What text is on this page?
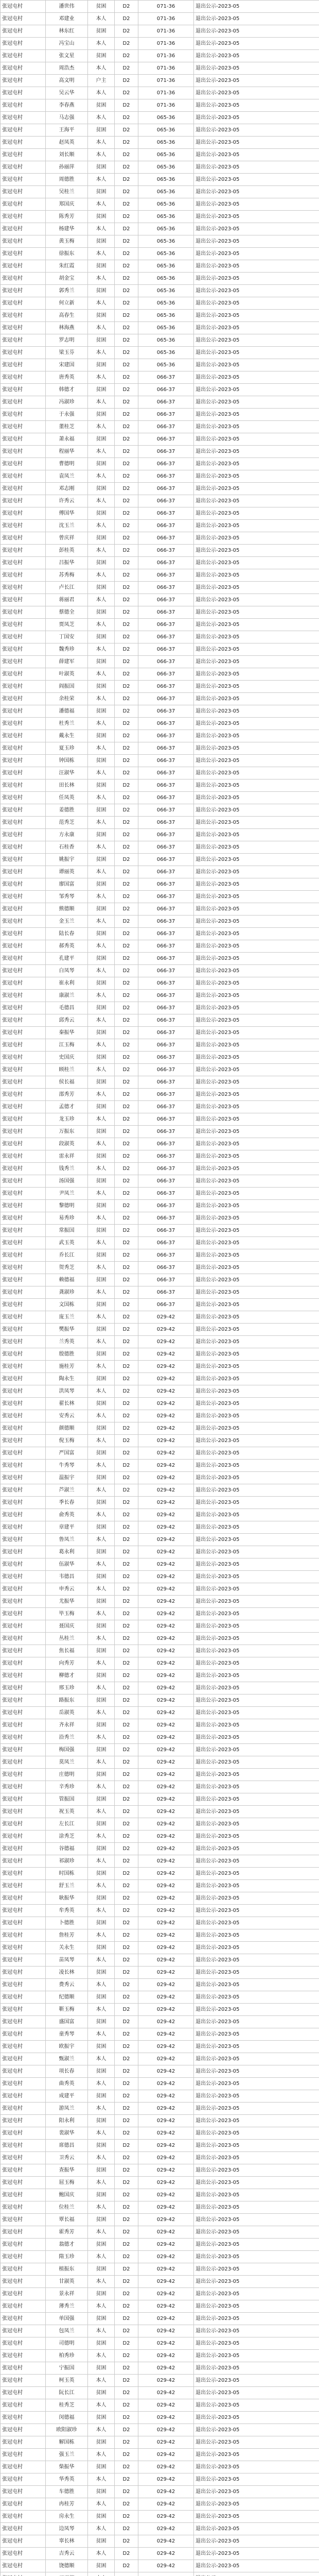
张冠屯村	潘世伟	贫困	D2	071-36	退出公示-2023-05
张冠屯村	邓建业	本人	D2	071-36	退出公示-2023-05
张冠屯村	林东红	贫困	D2	071-36	退出公示-2023-05
张冠屯村	冯宝山	本人	D2	071-36	退出公示-2023-05
张冠屯村	张文星	贫困	D2	071-36	退出公示-2023-05
张冠屯村	周浩杰	本人	D2	071-36	退出公示-2023-05
张冠屯村	高文明	户主	D2	071-36	退出公示-2023-05
张冠屯村	吴云华	本人	D2	071-36	退出公示-2023-05
张冠屯村	李春燕	贫困	D2	071-36	退出公示-2023-05
张冠屯村	马志强	本人	D2	065-36	退出公示-2023-05
张冠屯村	王海平	贫困	D2	065-36	退出公示-2023-05
张冠屯村	赵凤英	本人	D2	065-36	退出公示-2023-05
张冠屯村	刘长顺	本人	D2	065-36	退出公示-2023-05
张冠屯村	孙丽萍	贫困	D2	065-36	退出公示-2023-05
张冠屯村	周德胜	本人	D2	065-36	退出公示-2023-05
张冠屯村	吴桂兰	贫困	D2	065-36	退出公示-2023-05
张冠屯村	郑国庆	本人	D2	065-36	退出公示-2023-05
张冠屯村	陈秀芳	贫困	D2	065-36	退出公示-2023-05
张冠屯村	杨建华	本人	D2	065-36	退出公示-2023-05
张冠屯村	黄玉梅	贫困	D2	065-36	退出公示-2023-05
张冠屯村	徐振东	本人	D2	065-36	退出公示-2023-05
张冠屯村	朱红霞	贫困	D2	065-36	退出公示-2023-05
张冠屯村	胡金宝	本人	D2	065-36	退出公示-2023-05
张冠屯村	郭秀兰	贫困	D2	065-36	退出公示-2023-05
张冠屯村	何立新	本人	D2	065-36	退出公示-2023-05
张冠屯村	高春生	贫困	D2	065-36	退出公示-2023-05
张冠屯村	林海燕	本人	D2	065-36	退出公示-2023-05
张冠屯村	罗志明	贫困	D2	065-36	退出公示-2023-05
张冠屯村	梁玉芬	本人	D2	065-36	退出公示-2023-05
张冠屯村	宋建国	贫困	D2	065-36	退出公示-2023-05
张冠屯村	唐秀英	本人	D2	066-37	退出公示-2023-05
张冠屯村	韩德才	贫困	D2	066-37	退出公示-2023-05
张冠屯村	冯淑珍	本人	D2	066-37	退出公示-2023-05
张冠屯村	于永强	贫困	D2	066-37	退出公示-2023-05
张冠屯村	董桂芝	本人	D2	066-37	退出公示-2023-05
张冠屯村	萧永福	贫困	D2	066-37	退出公示-2023-05
张冠屯村	程丽华	本人	D2	066-37	退出公示-2023-05
张冠屯村	曹德明	贫困	D2	066-37	退出公示-2023-05
张冠屯村	袁凤兰	本人	D2	066-37	退出公示-2023-05
张冠屯村	邓志刚	贫困	D2	066-37	退出公示-2023-05
张冠屯村	许秀云	本人	D2	066-37	退出公示-2023-05
张冠屯村	傅国华	贫困	D2	066-37	退出公示-2023-05
张冠屯村	沈玉兰	本人	D2	066-37	退出公示-2023-05
张冠屯村	曾庆祥	贫困	D2	066-37	退出公示-2023-05
张冠屯村	彭桂英	本人	D2	066-37	退出公示-2023-05
张冠屯村	吕振华	贫困	D2	066-37	退出公示-2023-05
张冠屯村	苏秀梅	本人	D2	066-37	退出公示-2023-05
张冠屯村	卢长江	贫困	D2	066-37	退出公示-2023-05
张冠屯村	蒋丽君	本人	D2	066-37	退出公示-2023-05
张冠屯村	蔡德全	贫困	D2	066-37	退出公示-2023-05
张冠屯村	贾凤芝	本人	D2	066-37	退出公示-2023-05
张冠屯村	丁国安	贫困	D2	066-37	退出公示-2023-05
张冠屯村	魏秀珍	本人	D2	066-37	退出公示-2023-05
张冠屯村	薛建军	贫困	D2	066-37	退出公示-2023-05
张冠屯村	叶淑英	本人	D2	066-37	退出公示-2023-05
张冠屯村	阎振国	贫困	D2	066-37	退出公示-2023-05
张冠屯村	余桂荣	本人	D2	066-37	退出公示-2023-05
张冠屯村	潘德福	贫困	D2	066-37	退出公示-2023-05
张冠屯村	杜秀兰	本人	D2	066-37	退出公示-2023-05
张冠屯村	戴永生	贫困	D2	066-37	退出公示-2023-05
张冠屯村	夏玉珍	本人	D2	066-37	退出公示-2023-05
张冠屯村	钟国栋	贫困	D2	066-37	退出公示-2023-05
张冠屯村	汪淑华	本人	D2	066-37	退出公示-2023-05
张冠屯村	田长林	贫困	D2	066-37	退出公示-2023-05
张冠屯村	任凤英	本人	D2	066-37	退出公示-2023-05
张冠屯村	姜德胜	贫困	D2	066-37	退出公示-2023-05
张冠屯村	范秀芝	本人	D2	066-37	退出公示-2023-05
张冠屯村	方永康	贫困	D2	066-37	退出公示-2023-05
张冠屯村	石桂香	本人	D2	066-37	退出公示-2023-05
张冠屯村	姚振宇	贫困	D2	066-37	退出公示-2023-05
张冠屯村	谭丽英	本人	D2	066-37	退出公示-2023-05
张冠屯村	廖国富	贫困	D2	066-37	退出公示-2023-05
张冠屯村	邹秀琴	本人	D2	066-37	退出公示-2023-05
张冠屯村	熊德顺	贫困	D2	066-37	退出公示-2023-05
张冠屯村	金玉兰	本人	D2	066-37	退出公示-2023-05
张冠屯村	陆长春	贫困	D2	066-37	退出公示-2023-05
张冠屯村	郝秀英	本人	D2	066-37	退出公示-2023-05
张冠屯村	孔建平	贫困	D2	066-37	退出公示-2023-05
张冠屯村	白凤琴	本人	D2	066-37	退出公示-2023-05
张冠屯村	崔永利	贫困	D2	066-37	退出公示-2023-05
张冠屯村	康淑兰	本人	D2	066-37	退出公示-2023-05
张冠屯村	毛德昌	贫困	D2	066-37	退出公示-2023-05
张冠屯村	邱秀云	本人	D2	066-37	退出公示-2023-05
张冠屯村	秦振华	贫困	D2	066-37	退出公示-2023-05
张冠屯村	江玉梅	本人	D2	066-37	退出公示-2023-05
张冠屯村	史国庆	贫困	D2	066-37	退出公示-2023-05
张冠屯村	顾桂兰	本人	D2	066-37	退出公示-2023-05
张冠屯村	侯长福	贫困	D2	066-37	退出公示-2023-05
张冠屯村	邵秀芳	本人	D2	066-37	退出公示-2023-05
张冠屯村	孟德才	贫困	D2	066-37	退出公示-2023-05
张冠屯村	龙玉珍	本人	D2	066-37	退出公示-2023-05
张冠屯村	万振东	贫困	D2	066-37	退出公示-2023-05
张冠屯村	段淑英	本人	D2	066-37	退出公示-2023-05
张冠屯村	雷永祥	贫困	D2	066-37	退出公示-2023-05
张冠屯村	钱秀兰	本人	D2	066-37	退出公示-2023-05
张冠屯村	汤国强	贫困	D2	066-37	退出公示-2023-05
张冠屯村	尹凤兰	本人	D2	066-37	退出公示-2023-05
张冠屯村	黎德明	贫困	D2	066-37	退出公示-2023-05
张冠屯村	易秀珍	本人	D2	066-37	退出公示-2023-05
张冠屯村	常振国	贫困	D2	066-37	退出公示-2023-05
张冠屯村	武玉英	本人	D2	066-37	退出公示-2023-05
张冠屯村	乔长江	贫困	D2	066-37	退出公示-2023-05
张冠屯村	贺秀芝	本人	D2	066-37	退出公示-2023-05
张冠屯村	赖德福	贫困	D2	066-37	退出公示-2023-05
张冠屯村	龚淑珍	本人	D2	066-37	退出公示-2023-05
张冠屯村	文国栋	贫困	D2	066-37	退出公示-2023-05
张冠屯村	庞玉兰	本人	D2	029-42	退出公示-2023-05
张冠屯村	樊振华	贫困	D2	029-42	退出公示-2023-05
张冠屯村	兰秀英	本人	D2	029-42	退出公示-2023-05
张冠屯村	殷德胜	贫困	D2	029-42	退出公示-2023-05
张冠屯村	施桂芳	本人	D2	029-42	退出公示-2023-05
张冠屯村	陶永生	贫困	D2	029-42	退出公示-2023-05
张冠屯村	洪凤琴	本人	D2	029-42	退出公示-2023-05
张冠屯村	翟长林	贫困	D2	029-42	退出公示-2023-05
张冠屯村	安秀云	本人	D2	029-42	退出公示-2023-05
张冠屯村	颜德顺	贫困	D2	029-42	退出公示-2023-05
张冠屯村	倪玉梅	本人	D2	029-42	退出公示-2023-05
张冠屯村	严国富	贫困	D2	029-42	退出公示-2023-05
张冠屯村	牛秀琴	本人	D2	029-42	退出公示-2023-05
张冠屯村	温振宇	贫困	D2	029-42	退出公示-2023-05
张冠屯村	芦淑兰	本人	D2	029-42	退出公示-2023-05
张冠屯村	季长春	贫困	D2	029-42	退出公示-2023-05
张冠屯村	俞秀英	本人	D2	029-42	退出公示-2023-05
张冠屯村	章建平	贫困	D2	029-42	退出公示-2023-05
张冠屯村	鲁凤兰	本人	D2	029-42	退出公示-2023-05
张冠屯村	葛永利	贫困	D2	029-42	退出公示-2023-05
张冠屯村	伍淑华	本人	D2	029-42	退出公示-2023-05
张冠屯村	韦德昌	贫困	D2	029-42	退出公示-2023-05
张冠屯村	申秀云	本人	D2	029-42	退出公示-2023-05
张冠屯村	尤振华	贫困	D2	029-42	退出公示-2023-05
张冠屯村	毕玉梅	本人	D2	029-42	退出公示-2023-05
张冠屯村	聂国庆	贫困	D2	029-42	退出公示-2023-05
张冠屯村	丛桂兰	本人	D2	029-42	退出公示-2023-05
张冠屯村	焦长福	贫困	D2	029-42	退出公示-2023-05
张冠屯村	向秀芳	本人	D2	029-42	退出公示-2023-05
张冠屯村	柳德才	贫困	D2	029-42	退出公示-2023-05
张冠屯村	邢玉珍	本人	D2	029-42	退出公示-2023-05
张冠屯村	路振东	贫困	D2	029-42	退出公示-2023-05
张冠屯村	岳淑英	本人	D2	029-42	退出公示-2023-05
张冠屯村	齐永祥	贫困	D2	029-42	退出公示-2023-05
张冠屯村	沿秀兰	本人	D2	029-42	退出公示-2023-05
张冠屯村	梅国强	贫困	D2	029-42	退出公示-2023-05
张冠屯村	莫凤兰	本人	D2	029-42	退出公示-2023-05
张冠屯村	庄德明	贫困	D2	029-42	退出公示-2023-05
张冠屯村	辛秀珍	本人	D2	029-42	退出公示-2023-05
张冠屯村	管振国	贫困	D2	029-42	退出公示-2023-05
张冠屯村	祝玉英	本人	D2	029-42	退出公示-2023-05
张冠屯村	左长江	贫困	D2	029-42	退出公示-2023-05
张冠屯村	涂秀芝	本人	D2	029-42	退出公示-2023-05
张冠屯村	谷德福	贫困	D2	029-42	退出公示-2023-05
张冠屯村	祁淑珍	本人	D2	029-42	退出公示-2023-05
张冠屯村	时国栋	贫困	D2	029-42	退出公示-2023-05
张冠屯村	舒玉兰	本人	D2	029-42	退出公示-2023-05
张冠屯村	耿振华	贫困	D2	029-42	退出公示-2023-05
张冠屯村	牟秀英	本人	D2	029-42	退出公示-2023-05
张冠屯村	卜德胜	贫困	D2	029-42	退出公示-2023-05
张冠屯村	詹桂芳	本人	D2	029-42	退出公示-2023-05
张冠屯村	关永生	贫困	D2	029-42	退出公示-2023-05
张冠屯村	苗凤琴	本人	D2	029-42	退出公示-2023-05
张冠屯村	凌长林	贫困	D2	029-42	退出公示-2023-05
张冠屯村	费秀云	本人	D2	029-42	退出公示-2023-05
张冠屯村	纪德顺	贫困	D2	029-42	退出公示-2023-05
张冠屯村	靳玉梅	本人	D2	029-42	退出公示-2023-05
张冠屯村	盛国富	贫困	D2	029-42	退出公示-2023-05
张冠屯村	童秀琴	本人	D2	029-42	退出公示-2023-05
张冠屯村	欧振宇	贫困	D2	029-42	退出公示-2023-05
张冠屯村	甄淑兰	本人	D2	029-42	退出公示-2023-05
张冠屯村	项长春	贫困	D2	029-42	退出公示-2023-05
张冠屯村	曲秀英	本人	D2	029-42	退出公示-2023-05
张冠屯村	成建平	贫困	D2	029-42	退出公示-2023-05
张冠屯村	游凤兰	本人	D2	029-42	退出公示-2023-05
张冠屯村	阳永利	贫困	D2	029-42	退出公示-2023-05
张冠屯村	裴淑华	本人	D2	029-42	退出公示-2023-05
张冠屯村	席德昌	贫困	D2	029-42	退出公示-2023-05
张冠屯村	卫秀云	本人	D2	029-42	退出公示-2023-05
张冠屯村	查振华	贫困	D2	029-42	退出公示-2023-05
张冠屯村	屈玉梅	本人	D2	029-42	退出公示-2023-05
张冠屯村	鲍国庆	贫困	D2	029-42	退出公示-2023-05
张冠屯村	位桂兰	本人	D2	029-42	退出公示-2023-05
张冠屯村	覃长福	贫困	D2	029-42	退出公示-2023-05
张冠屯村	霍秀芳	本人	D2	029-42	退出公示-2023-05
张冠屯村	翁德才	贫困	D2	029-42	退出公示-2023-05
张冠屯村	隋玉珍	本人	D2	029-42	退出公示-2023-05
张冠屯村	植振东	贫困	D2	029-42	退出公示-2023-05
张冠屯村	甘淑英	本人	D2	029-42	退出公示-2023-05
张冠屯村	景永祥	贫困	D2	029-42	退出公示-2023-05
张冠屯村	薄秀兰	本人	D2	029-42	退出公示-2023-05
张冠屯村	单国强	贫困	D2	029-42	退出公示-2023-05
张冠屯村	包凤兰	本人	D2	029-42	退出公示-2023-05
张冠屯村	司德明	贫困	D2	029-42	退出公示-2023-05
张冠屯村	柏秀珍	本人	D2	029-42	退出公示-2023-05
张冠屯村	宁振国	贫困	D2	029-42	退出公示-2023-05
张冠屯村	柯玉英	本人	D2	029-42	退出公示-2023-05
张冠屯村	阮长江	贫困	D2	029-42	退出公示-2023-05
张冠屯村	桂秀芝	本人	D2	029-42	退出公示-2023-05
张冠屯村	闵德福	贫困	D2	029-42	退出公示-2023-05
张冠屯村	欧阳淑珍	本人	D2	029-42	退出公示-2023-05
张冠屯村	解国栋	贫困	D2	029-42	退出公示-2023-05
张冠屯村	强玉兰	本人	D2	029-42	退出公示-2023-05
张冠屯村	柴振华	贫困	D2	029-42	退出公示-2023-05
张冠屯村	华秀英	本人	D2	029-42	退出公示-2023-05
张冠屯村	车德胜	贫困	D2	029-42	退出公示-2023-05
张冠屯村	冉桂芳	本人	D2	029-42	退出公示-2023-05
张冠屯村	房永生	贫困	D2	029-42	退出公示-2023-05
张冠屯村	边凤琴	本人	D2	029-42	退出公示-2023-05
张冠屯村	辜长林	贫困	D2	029-42	退出公示-2023-05
张冠屯村	吉秀云	本人	D2	029-42	退出公示-2023-05
张冠屯村	饶德顺	贫困	D2	029-42	退出公示-2023-05
